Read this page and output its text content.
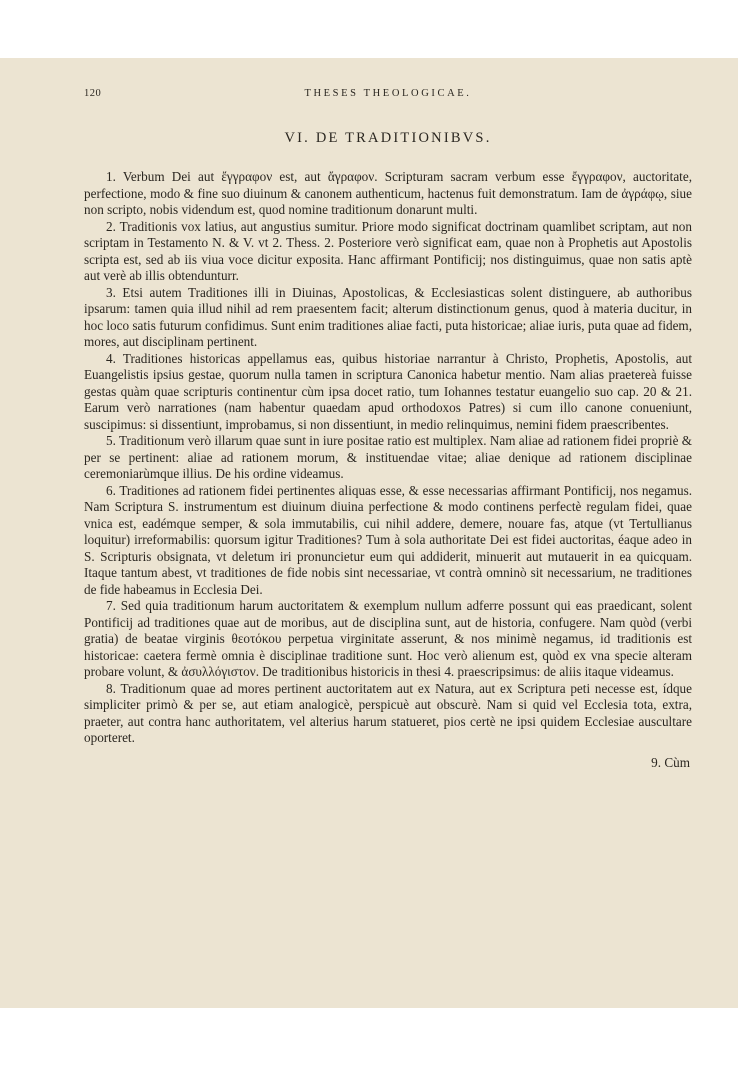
120	THESES THEOLOGICAE.
VI. DE TRADITIONIBVS.

1. Verbum Dei aut ἔγγραφον est, aut ἄγραφον. Scripturam sacram verbum esse ἔγγραφον, auctoritate, perfectione, modo & fine suo diuinum & canonem authenticum, hactenus fuit demonstratum. Iam de ἀγράφῳ, siue non scripto, nobis videndum est, quod nomine traditionum donarunt multi.

2. Traditionis vox latius, aut angustius sumitur. Priore modo significat doctrinam quamlibet scriptam, aut non scriptam in Testamento N. & V. vt 2. Thess. 2. Posteriore verò significat eam, quae non à Prophetis aut Apostolis scripta est, sed ab iis viua voce dicitur exposita. Hanc affirmant Pontificij; nos distinguimus, quae non satis aptè aut verè ab illis obtendunturr.

3. Etsi autem Traditiones illi in Diuinas, Apostolicas, & Ecclesiasticas solent distinguere, ab authoribus ipsarum: tamen quia illud nihil ad rem praesentem facit; alterum distinctionum genus, quod à materia ducitur, in hoc loco satis futurum confidimus. Sunt enim traditiones aliae facti, puta historicae; aliae iuris, puta quae ad fidem, mores, aut disciplinam pertinent.

4. Traditiones historicas appellamus eas, quibus historiae narrantur à Christo, Prophetis, Apostolis, aut Euangelistis ipsius gestae, quorum nulla tamen in scriptura Canonica habetur mentio. Nam alias praetereà fuisse gestas quàm quae scripturis continentur cùm ipsa docet ratio, tum Iohannes testatur euangelio suo cap. 20 & 21. Earum verò narrationes (nam habentur quaedam apud orthodoxos Patres) si cum illo canone conueniunt, suscipimus: si dissentiunt, improbamus, si non dissentiunt, in medio relinquimus, nemini fidem praescribentes.

5. Traditionum verò illarum quae sunt in iure positae ratio est multiplex. Nam aliae ad rationem fidei propriè & per se pertinent: aliae ad rationem morum, & instituendae vitae; aliae denique ad rationem disciplinae ceremoniarùmque illius. De his ordine videamus.

6. Traditiones ad rationem fidei pertinentes aliquas esse, & esse necessarias affirmant Pontificij, nos negamus. Nam Scriptura S. instrumentum est diuinum diuina perfectione & modo continens perfectè regulam fidei, quae vnica est, eadémque semper, & sola immutabilis, cui nihil addere, demere, nouare fas, atque (vt Tertullianus loquitur) irreformabilis: quorsum igitur Traditiones? Tum à sola authoritate Dei est fidei auctoritas, éaque adeo in S. Scripturis obsignata, vt deletum iri pronuncietur eum qui addiderit, minuerit aut mutauerit in ea quicquam. Itaque tantum abest, vt traditiones de fide nobis sint necessariae, vt contrà omninò sit necessarium, ne traditiones de fide habeamus in Ecclesia Dei.

7. Sed quia traditionum harum auctoritatem & exemplum nullum adferre possunt qui eas praedicant, solent Pontificij ad traditiones quae aut de moribus, aut de disciplina sunt, aut de historia, confugere. Nam quòd (verbi gratia) de beatae virginis θεοτόκου perpetua virginitate asserunt, & nos minimè negamus, id traditionis est historicae: caetera fermè omnia è disciplinae traditione sunt. Hoc verò alienum est, quòd ex vna specie alteram probare volunt, & ἀσυλλόγιστον. De traditionibus historicis in thesi 4. praescripsimus: de aliis itaque videamus.

8. Traditionum quae ad mores pertinent auctoritatem aut ex Natura, aut ex Scriptura peti necesse est, ídque simpliciter primò & per se, aut etiam analogicè, perspicuè aut obscurè. Nam si quid vel Ecclesia tota, extra, praeter, aut contra hanc authoritatem, vel alterius harum statueret, pios certè ne ipsi quidem Ecclesiae auscultare oporteret.

9. Cùm
